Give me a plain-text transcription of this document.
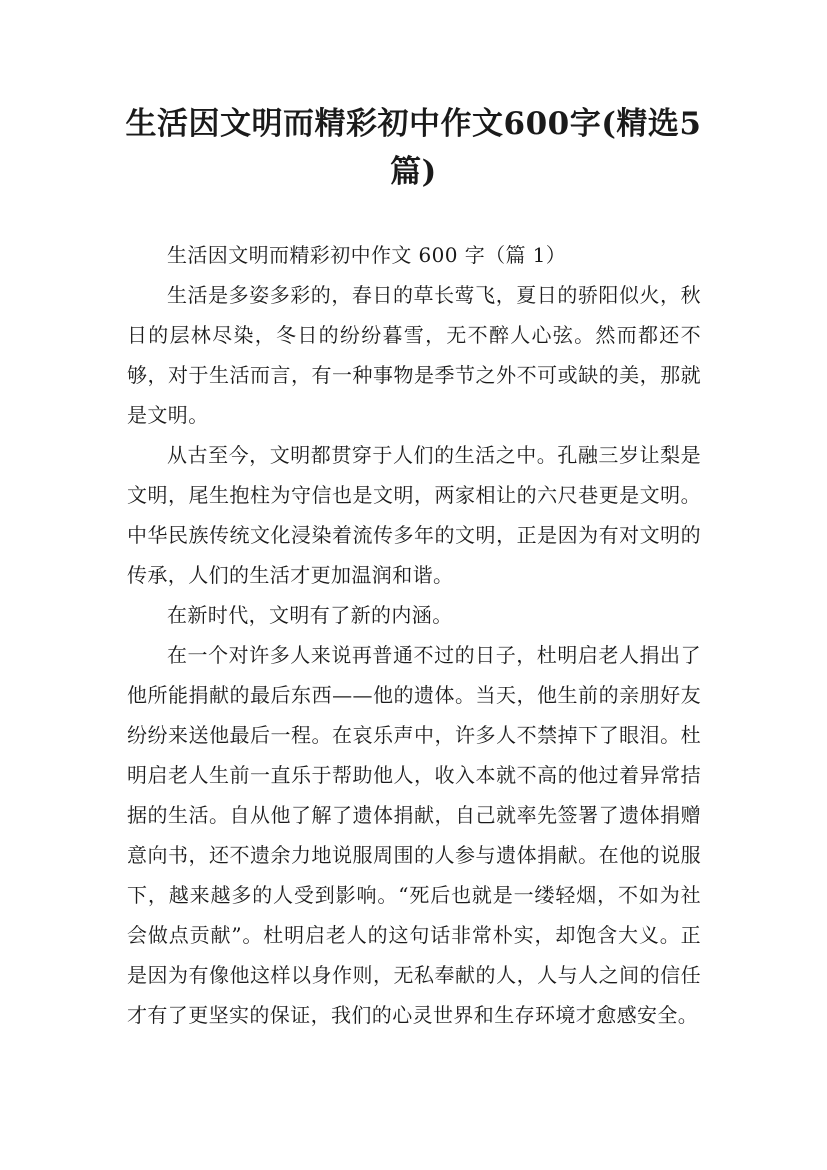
生活因文明而精彩初中作文600字(精选5篇)

生活因文明而精彩初中作文 600 字（篇 1）

生活是多姿多彩的，春日的草长莺飞，夏日的骄阳似火，秋日的层林尽染，冬日的纷纷暮雪，无不醉人心弦。然而都还不够，对于生活而言，有一种事物是季节之外不可或缺的美，那就是文明。

从古至今，文明都贯穿于人们的生活之中。孔融三岁让梨是文明，尾生抱柱为守信也是文明，两家相让的六尺巷更是文明。中华民族传统文化浸染着流传多年的文明，正是因为有对文明的传承，人们的生活才更加温润和谐。

在新时代，文明有了新的内涵。

在一个对许多人来说再普通不过的日子，杜明启老人捐出了他所能捐献的最后东西——他的遗体。当天，他生前的亲朋好友纷纷来送他最后一程。在哀乐声中，许多人不禁掉下了眼泪。杜明启老人生前一直乐于帮助他人，收入本就不高的他过着异常拮据的生活。自从他了解了遗体捐献，自己就率先签署了遗体捐赠意向书，还不遗余力地说服周围的人参与遗体捐献。在他的说服下，越来越多的人受到影响。“死后也就是一缕轻烟，不如为社会做点贡献”。杜明启老人的这句话非常朴实，却饱含大义。正是因为有像他这样以身作则，无私奉献的人，人与人之间的信任才有了更坚实的保证，我们的心灵世界和生存环境才愈感安全。
